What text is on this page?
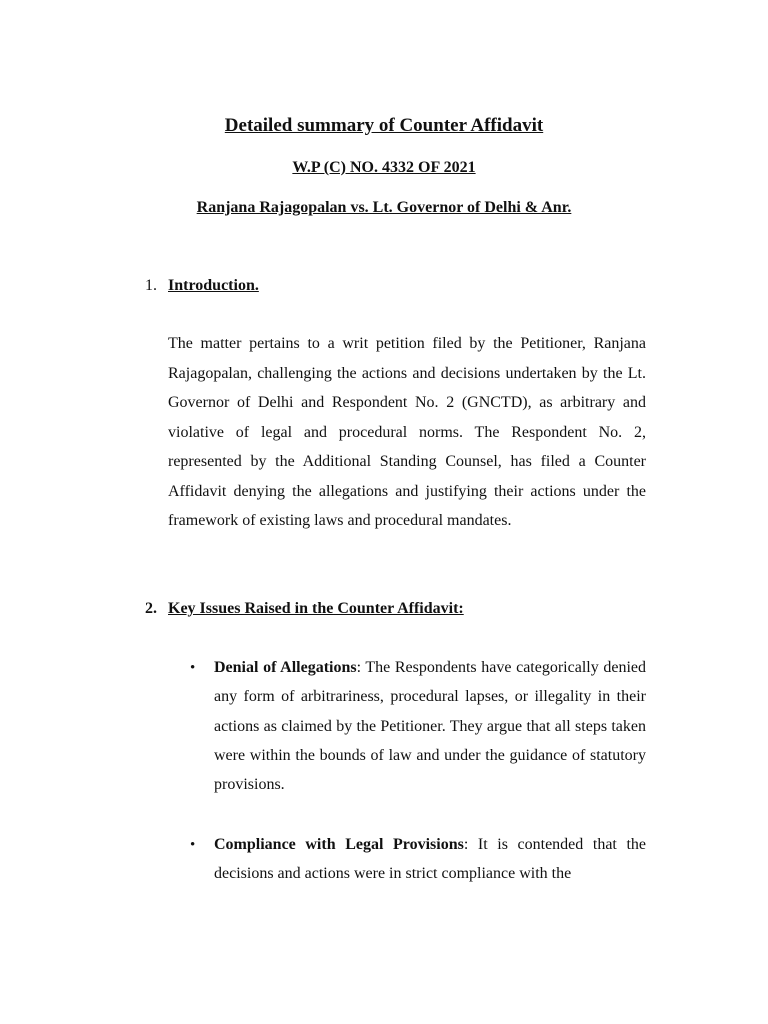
Detailed summary of Counter Affidavit
W.P (C) NO. 4332 OF 2021
Ranjana Rajagopalan vs. Lt. Governor of Delhi & Anr.
1. Introduction.
The matter pertains to a writ petition filed by the Petitioner, Ranjana Rajagopalan, challenging the actions and decisions undertaken by the Lt. Governor of Delhi and Respondent No. 2 (GNCTD), as arbitrary and violative of legal and procedural norms. The Respondent No. 2, represented by the Additional Standing Counsel, has filed a Counter Affidavit denying the allegations and justifying their actions under the framework of existing laws and procedural mandates.
2. Key Issues Raised in the Counter Affidavit:
• Denial of Allegations: The Respondents have categorically denied any form of arbitrariness, procedural lapses, or illegality in their actions as claimed by the Petitioner. They argue that all steps taken were within the bounds of law and under the guidance of statutory provisions.
• Compliance with Legal Provisions: It is contended that the decisions and actions were in strict compliance with the
